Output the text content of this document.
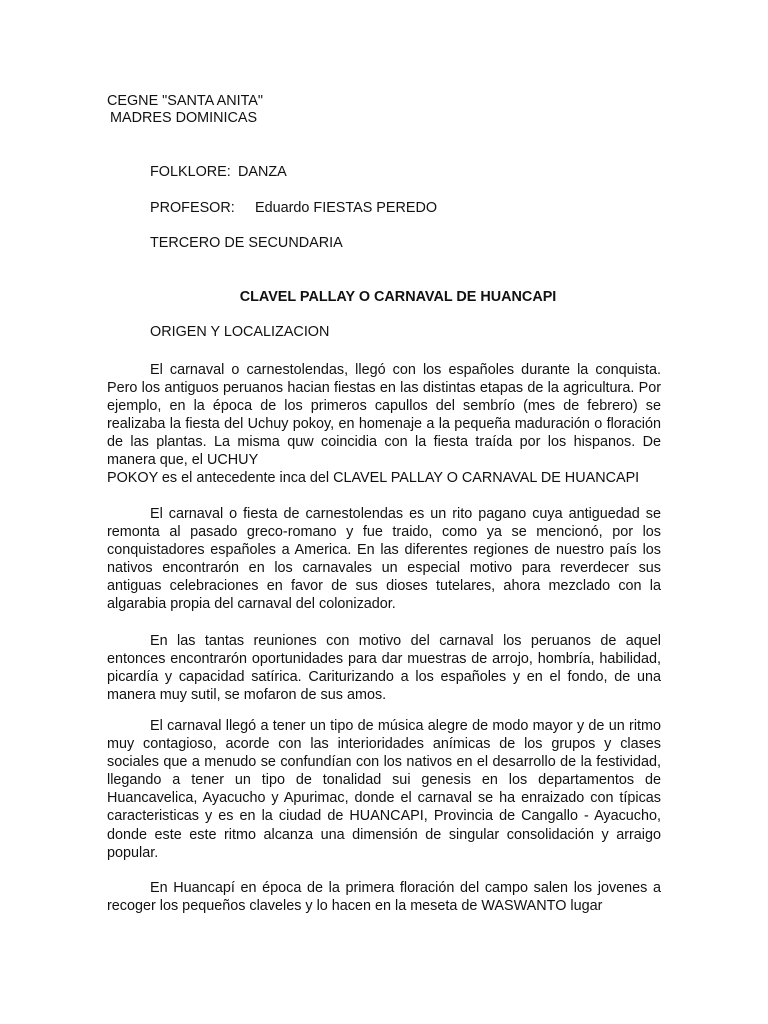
CEGNE "SANTA ANITA"
MADRES DOMINICAS
FOLKLORE: DANZA
PROFESOR: Eduardo FIESTAS PEREDO
TERCERO DE SECUNDARIA
CLAVEL PALLAY O CARNAVAL DE HUANCAPI
ORIGEN Y LOCALIZACION

El carnaval o carnestolendas, llegó con los españoles durante la conquista. Pero los antiguos peruanos hacian fiestas en las distintas etapas de la agricultura. Por ejemplo, en la época de los primeros capullos del sembrío (mes de febrero) se realizaba la fiesta del Uchuy pokoy, en homenaje a la pequeña maduración o floración de las plantas. La misma quw coincidia con la fiesta traída por los hispanos. De manera que, el UCHUY

POKOY es el antecedente inca del CLAVEL PALLAY O CARNAVAL DE HUANCAPI

El carnaval o fiesta de carnestolendas es un rito pagano cuya antiguedad se remonta al pasado greco-romano y fue traido, como ya se mencionó, por los conquistadores españoles a America. En las diferentes regiones de nuestro país los nativos encontrarón en los carnavales un especial motivo para reverdecer sus antiguas celebraciones en favor de sus dioses tutelares, ahora mezclado con la algarabia propia del carnaval del colonizador.

En las tantas reuniones con motivo del carnaval los peruanos de aquel entonces encontrarón oportunidades para dar muestras de arrojo, hombría, habilidad, picardía y capacidad satírica. Cariturizando a los españoles y en el fondo, de una manera muy sutil, se mofaron de sus amos.

El carnaval llegó a tener un tipo de música alegre de modo mayor y de un ritmo muy contagioso, acorde con las interioridades anímicas de los grupos y clases sociales que a menudo se confundían con los nativos en el desarrollo de la festividad, llegando a tener un tipo de tonalidad sui genesis en los departamentos de Huancavelica, Ayacucho y Apurimac, donde el carnaval se ha enraizado con típicas caracteristicas y es en la ciudad de HUANCAPI, Provincia de Cangallo - Ayacucho, donde este este ritmo alcanza una dimensión de singular consolidación y arraigo popular.

En Huancapí en época de la primera floración del campo salen los jovenes a recoger los pequeños claveles y lo hacen en la meseta de WASWANTO lugar
